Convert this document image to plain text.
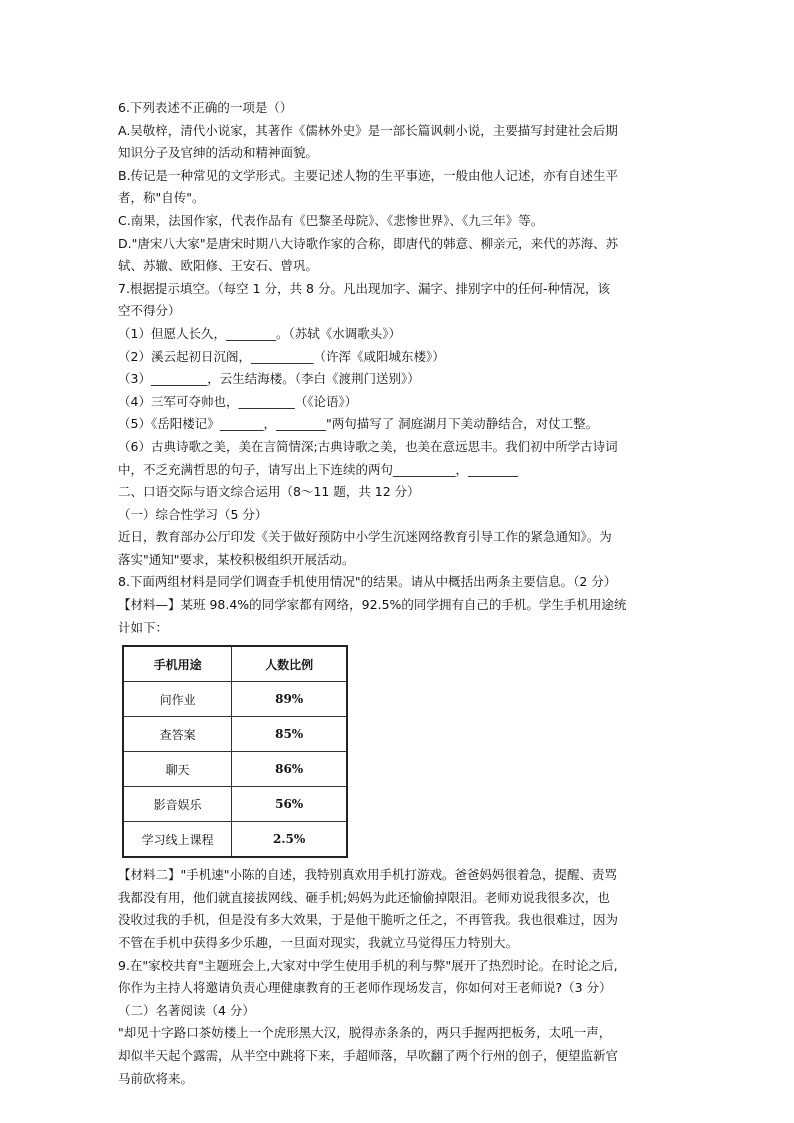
6.下列表述不正确的一项是（）
A.吴敬梓，清代小说家，其著作《儒林外史》是一部长篇讽刺小说，主要描写封建社会后期
知识分子及官绅的活动和精神面貌。
B.传记是一种常见的文学形式。主要记述人物的生平事迹，一般由他人记述，亦有自述生平
者，称"自传"。
C.南果，法国作家，代表作品有《巴黎圣母院》、《悲惨世界》、《九三年》等。
D."唐宋八大家"是唐宋时期八大诗歌作家的合称，即唐代的韩意、柳亲元，来代的苏海、苏
轼、苏辙、欧阳修、王安石、曾巩。
7.根据提示填空。（每空 1 分，共 8 分。凡出现加字、漏字、排别字中的任何-种情况，该
空不得分）
（1）但愿人长久，________。（苏轼《水调歌头》）
（2）溪云起初日沉阁，__________（许浑《咸阳城东楼》）
（3）_________，云生结海楼。（李白《渡荆门送别》）
（4）三军可夺帅也，_________（《论语》）
（5）《岳阳楼记》_______，________"两句描写了 洞庭湖月下美动静结合，对仗工整。
（6）古典诗歌之美，美在言简情深;古典诗歌之美，也美在意远思丰。我们初中所学古诗词
中，不乏充满哲思的句子，请写出上下连续的两句__________，________
二、口语交际与语文综合运用（8～11 题，共 12 分）
（一）综合性学习（5 分）
近日，教育部办公厅印发《关于做好预防中小学生沉迷网络教育引导工作的紧急通知》。为
落实"通知"要求，某校积极组织开展活动。
8.下面两组材料是同学们调查手机使用情况"的结果。请从中概括出两条主要信息。（2 分）
【材料—】某班 98.4%的同学家都有网络，92.5%的同学拥有自己的手机。学生手机用途统
计如下：
手机用途	人数比例
问作业	89%
查答案	85%
聊天	86%
影音娱乐	56%
学习线上课程	2.5%
【材料二】"手机速"小陈的自述，我特别真欢用手机打游戏。爸爸妈妈很着急，提醒、责骂
我都没有用，他们就直接拔网线、砸手机;妈妈为此还愉偷掉限泪。老师劝说我很多次，也
没收过我的手机，但是没有多大效果，于是他干脆听之任之，不再管我。我也很难过，因为
不管在手机中获得多少乐趣，一旦面对现实，我就立马觉得压力特别大。
9.在"家校共育"主题班会上,大家对中学生使用手机的利与弊"展开了热烈时论。在时论之后,
你作为主持人将邀请负责心理健康教育的王老师作现场发言，你如何对王老师说?（3 分）
（二）名著阅读（4 分）
"却见十字路口茶妨楼上一个虎形黑大汉，脱得赤条条的，两只手握两把板务，太吼一声，
却似半天起个露需，从半空中跳将下来，手超师落，早吹翻了两个行州的创子，便望监新官
马前砍将来。
